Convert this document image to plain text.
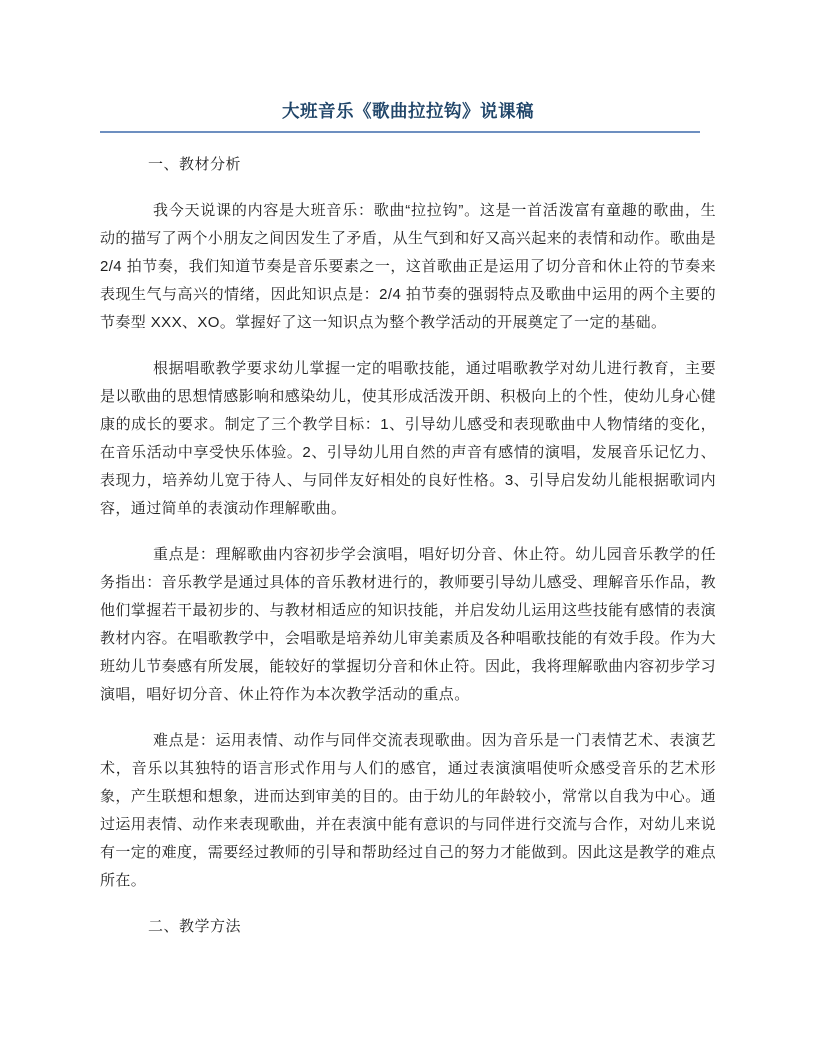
大班音乐《歌曲拉拉钩》说课稿
一、教材分析

我今天说课的内容是大班音乐：歌曲“拉拉钩”。这是一首活泼富有童趣的歌曲，生动的描写了两个小朋友之间因发生了矛盾，从生气到和好又高兴起来的表情和动作。歌曲是 2/4 拍节奏，我们知道节奏是音乐要素之一，这首歌曲正是运用了切分音和休止符的节奏来表现生气与高兴的情绪，因此知识点是：2/4 拍节奏的强弱特点及歌曲中运用的两个主要的节奏型 XXX、XO。掌握好了这一知识点为整个教学活动的开展奠定了一定的基础。

根据唱歌教学要求幼儿掌握一定的唱歌技能，通过唱歌教学对幼儿进行教育，主要是以歌曲的思想情感影响和感染幼儿，使其形成活泼开朗、积极向上的个性，使幼儿身心健康的成长的要求。制定了三个教学目标：1、引导幼儿感受和表现歌曲中人物情绪的变化，在音乐活动中享受快乐体验。2、引导幼儿用自然的声音有感情的演唱，发展音乐记忆力、表现力，培养幼儿宽于待人、与同伴友好相处的良好性格。3、引导启发幼儿能根据歌词内容，通过简单的表演动作理解歌曲。

重点是：理解歌曲内容初步学会演唱，唱好切分音、休止符。幼儿园音乐教学的任务指出：音乐教学是通过具体的音乐教材进行的，教师要引导幼儿感受、理解音乐作品，教他们掌握若干最初步的、与教材相适应的知识技能，并启发幼儿运用这些技能有感情的表演教材内容。在唱歌教学中，会唱歌是培养幼儿审美素质及各种唱歌技能的有效手段。作为大班幼儿节奏感有所发展，能较好的掌握切分音和休止符。因此，我将理解歌曲内容初步学习演唱，唱好切分音、休止符作为本次教学活动的重点。

难点是：运用表情、动作与同伴交流表现歌曲。因为音乐是一门表情艺术、表演艺术，音乐以其独特的语言形式作用与人们的感官，通过表演演唱使听众感受音乐的艺术形象，产生联想和想象，进而达到审美的目的。由于幼儿的年龄较小，常常以自我为中心。通过运用表情、动作来表现歌曲，并在表演中能有意识的与同伴进行交流与合作，对幼儿来说有一定的难度，需要经过教师的引导和帮助经过自己的努力才能做到。因此这是教学的难点所在。

二、教学方法
